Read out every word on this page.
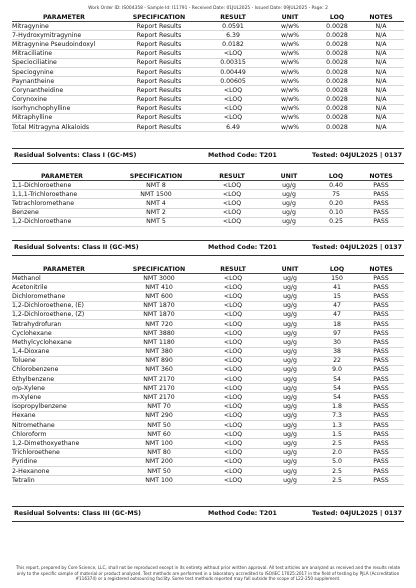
Work Order ID: IS004358 - Sample Id: I11791 - Received Date: 01JUL2025 - Issued Date: 09JUL2025 - Page: 2
PARAMETER	SPECIFICATION	RESULT	UNIT	LOQ	NOTES
Mitragynine	Report Results	0.0591	w/w%	0.0028	N/A
7-Hydroxymitragynine	Report Results	6.39	w/w%	0.0028	N/A
Mitragynine Pseudoindoxyl	Report Results	0.0182	w/w%	0.0028	N/A
Mitraciliatine	Report Results	<LOQ	w/w%	0.0028	N/A
Speciociliatine	Report Results	0.00315	w/w%	0.0028	N/A
Speciogynine	Report Results	0.00449	w/w%	0.0028	N/A
Paynantheine	Report Results	0.00605	w/w%	0.0028	N/A
Corynantheidine	Report Results	<LOQ	w/w%	0.0028	N/A
Corynoxine	Report Results	<LOQ	w/w%	0.0028	N/A
Isorhynchophylline	Report Results	<LOQ	w/w%	0.0028	N/A
Mitraphylline	Report Results	<LOQ	w/w%	0.0028	N/A
Total Mitragyna Alkaloids	Report Results	6.49	w/w%	0.0028	N/A
Residual Solvents: Class I (GC-MS)	Method Code: T201	Tested: 04JUL2025 | 0137
PARAMETER	SPECIFICATION	RESULT	UNIT	LOQ	NOTES
1,1-Dichloroethene	NMT 8	<LOQ	ug/g	0.40	PASS
1,1,1-Trichloroethane	NMT 1500	<LOQ	ug/g	75	PASS
Tetrachloromethane	NMT 4	<LOQ	ug/g	0.20	PASS
Benzene	NMT 2	<LOQ	ug/g	0.10	PASS
1,2-Dichloroethane	NMT 5	<LOQ	ug/g	0.25	PASS
Residual Solvents: Class II (GC-MS)	Method Code: T201	Tested: 04JUL2025 | 0137
PARAMETER	SPECIFICATION	RESULT	UNIT	LOQ	NOTES
Methanol	NMT 3000	<LOQ	ug/g	150	PASS
Acetonitrile	NMT 410	<LOQ	ug/g	41	PASS
Dichloromethane	NMT 600	<LOQ	ug/g	15	PASS
1,2-Dichloroethene, (E)	NMT 1870	<LOQ	ug/g	47	PASS
1,2-Dichloroethene, (Z)	NMT 1870	<LOQ	ug/g	47	PASS
Tetrahydrofuran	NMT 720	<LOQ	ug/g	18	PASS
Cyclohexane	NMT 3880	<LOQ	ug/g	97	PASS
Methylcyclohexane	NMT 1180	<LOQ	ug/g	30	PASS
1,4-Dioxane	NMT 380	<LOQ	ug/g	38	PASS
Toluene	NMT 890	<LOQ	ug/g	22	PASS
Chlorobenzene	NMT 360	<LOQ	ug/g	9.0	PASS
Ethylbenzene	NMT 2170	<LOQ	ug/g	54	PASS
o/p-Xylene	NMT 2170	<LOQ	ug/g	54	PASS
m-Xylene	NMT 2170	<LOQ	ug/g	54	PASS
Isopropylbenzene	NMT 70	<LOQ	ug/g	1.8	PASS
Hexane	NMT 290	<LOQ	ug/g	7.3	PASS
Nitromethane	NMT 50	<LOQ	ug/g	1.3	PASS
Chloroform	NMT 60	<LOQ	ug/g	1.5	PASS
1,2-Dimethoxyethane	NMT 100	<LOQ	ug/g	2.5	PASS
Trichloroethene	NMT 80	<LOQ	ug/g	2.0	PASS
Pyridine	NMT 200	<LOQ	ug/g	5.0	PASS
2-Hexanone	NMT 50	<LOQ	ug/g	2.5	PASS
Tetralin	NMT 100	<LOQ	ug/g	2.5	PASS
Residual Solvents: Class III (GC-MS)	Method Code: T201	Tested: 04JUL2025 | 0137
This report, prepared by Core Science, LLC, shall not be reproduced except in its entirety without prior written approval. All test articles are analyzed as received and the results relate only to the specific sample of material or product analyzed. Test methods are performed in a laboratory accredited to ISO/IEC 17025:2017 in the field of testing by PJLA (Accreditation #116374) or a registered outsourcing facility. Some test methods reported may fall outside the scope of L22-250 supplement.
